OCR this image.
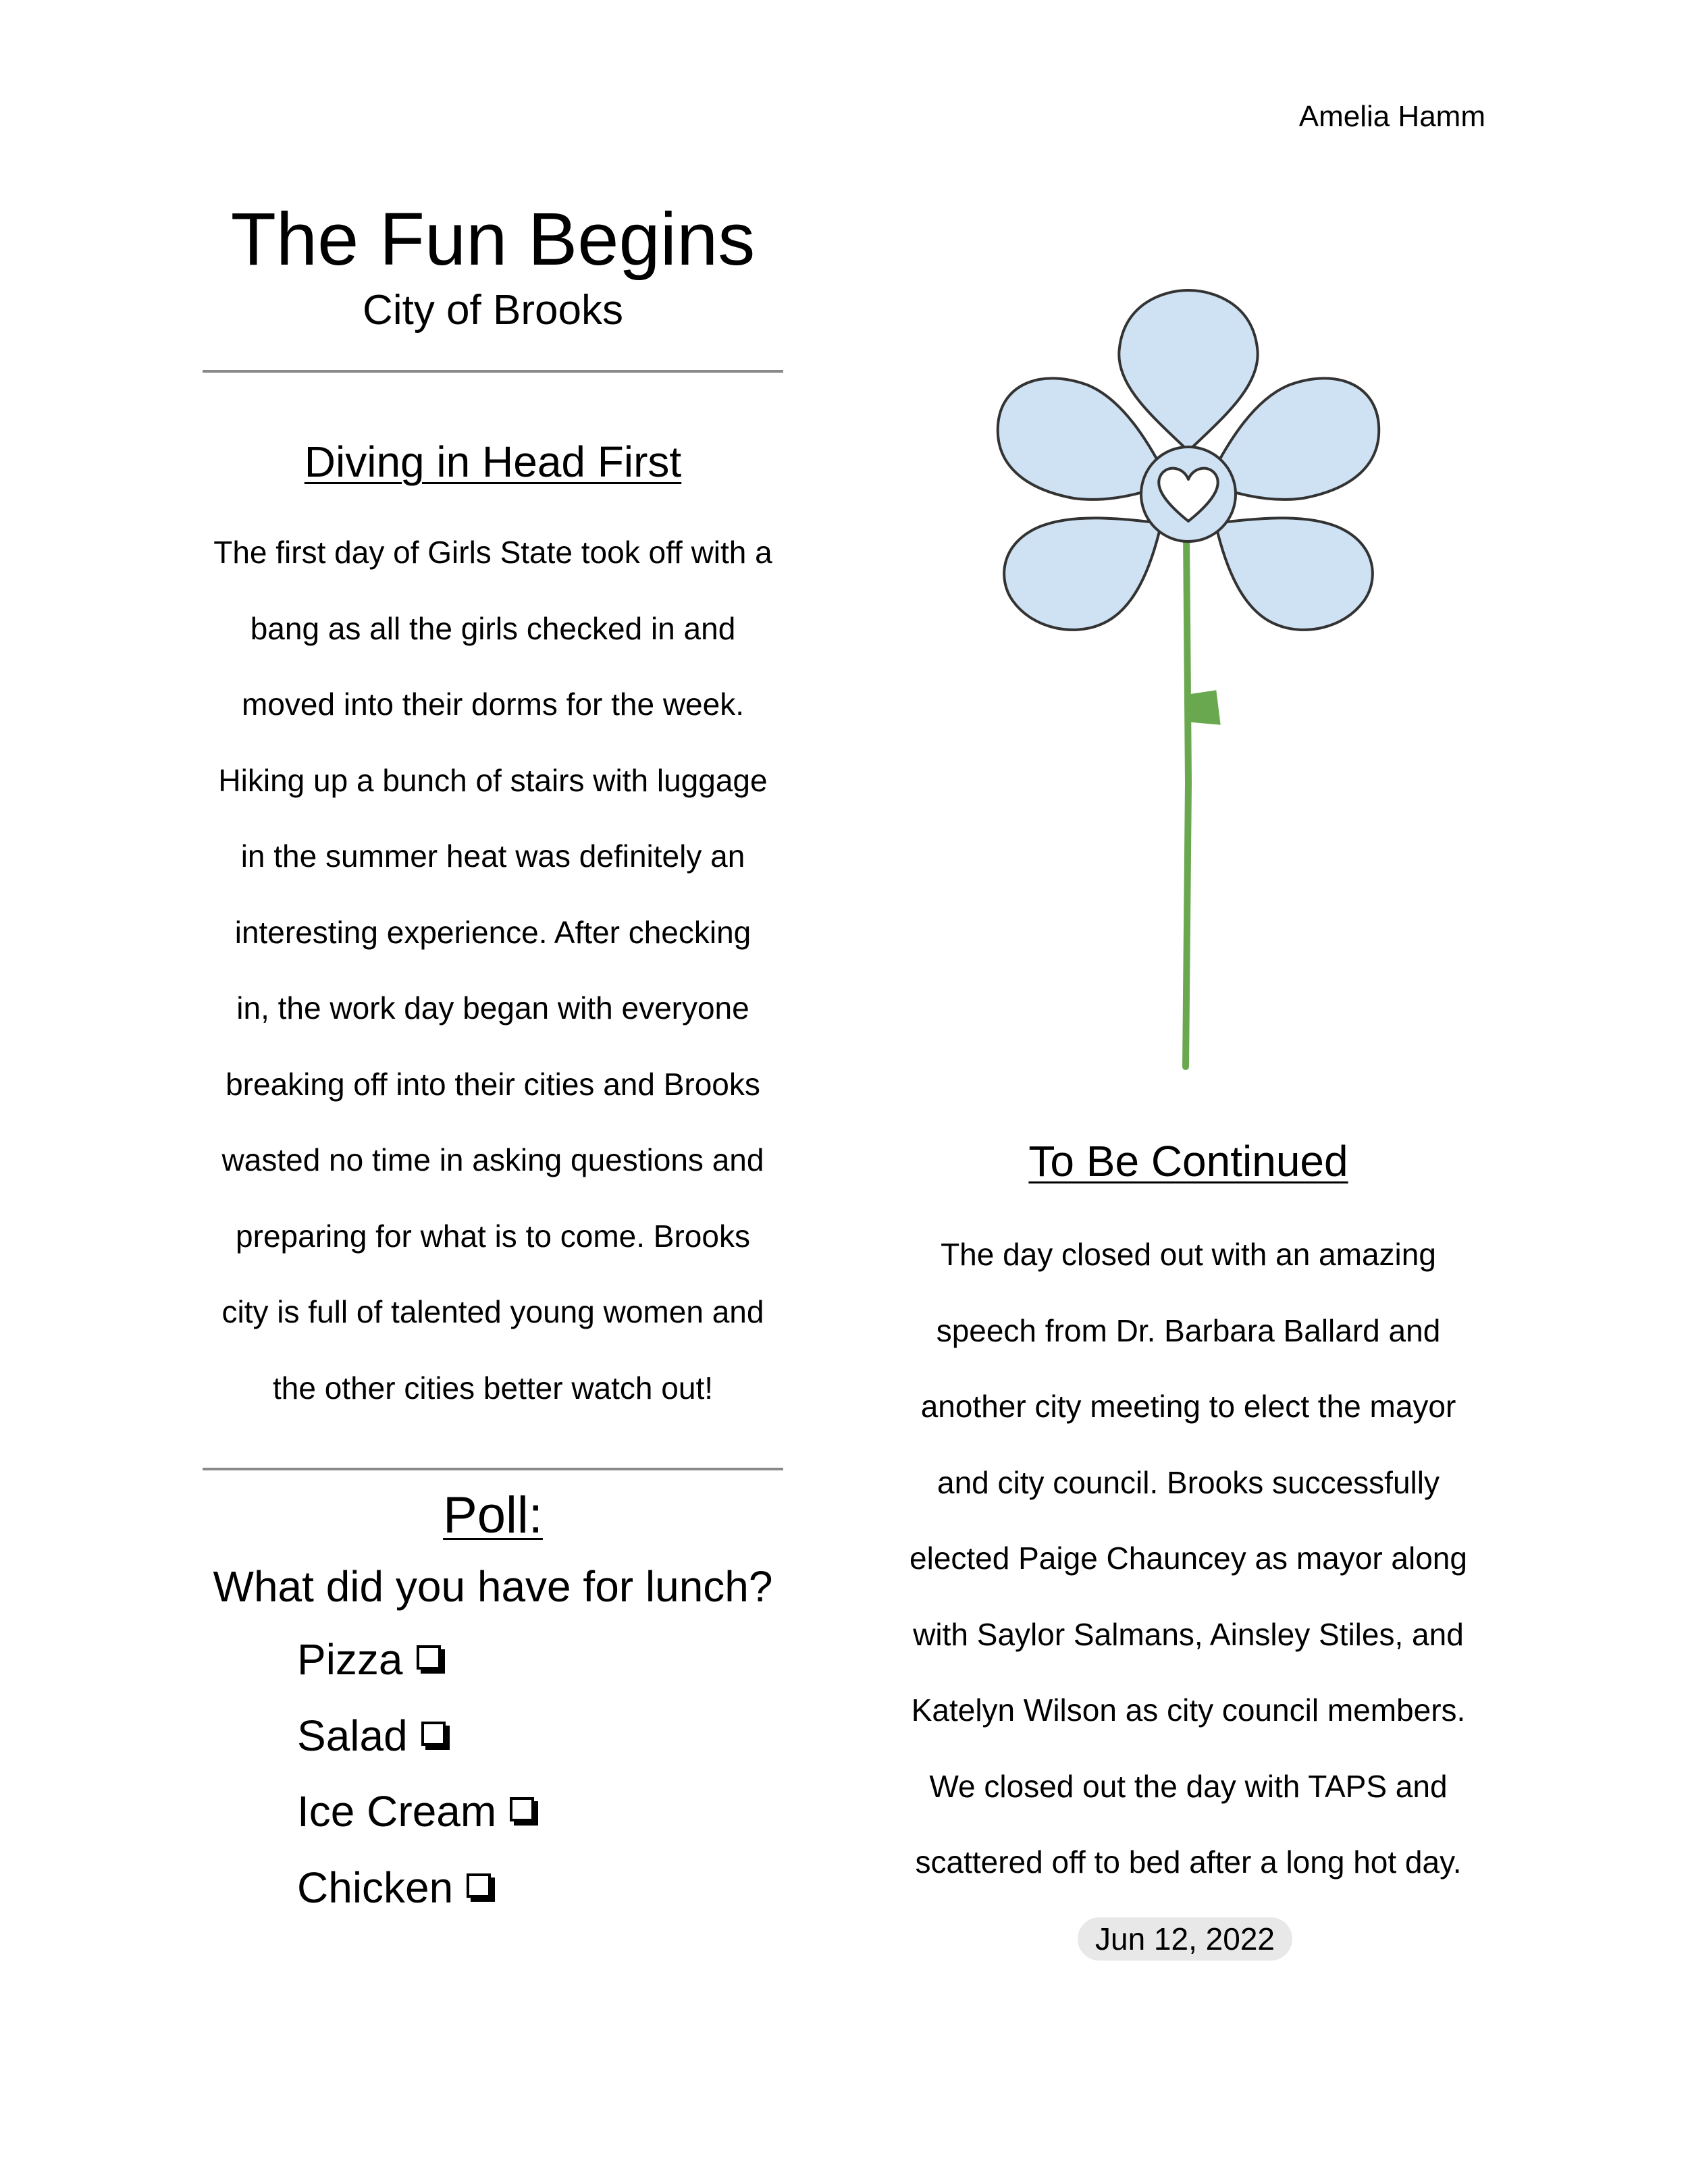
Amelia Hamm
The Fun Begins
City of Brooks
Diving in Head First
The first day of Girls State took off with a
bang as all the girls checked in and
moved into their dorms for the week.
Hiking up a bunch of stairs with luggage
in the summer heat was definitely an
interesting experience. After checking
in, the work day began with everyone
breaking off into their cities and Brooks
wasted no time in asking questions and
preparing for what is to come. Brooks
city is full of talented young women and
the other cities better watch out!
Poll:
What did you have for lunch?
Pizza
Salad
Ice Cream
Chicken
To Be Continued
The day closed out with an amazing
speech from Dr. Barbara Ballard and
another city meeting to elect the mayor
and city council. Brooks successfully
elected Paige Chauncey as mayor along
with Saylor Salmans, Ainsley Stiles, and
Katelyn Wilson as city council members.
We closed out the day with TAPS and
scattered off to bed after a long hot day.
Jun 12, 2022
